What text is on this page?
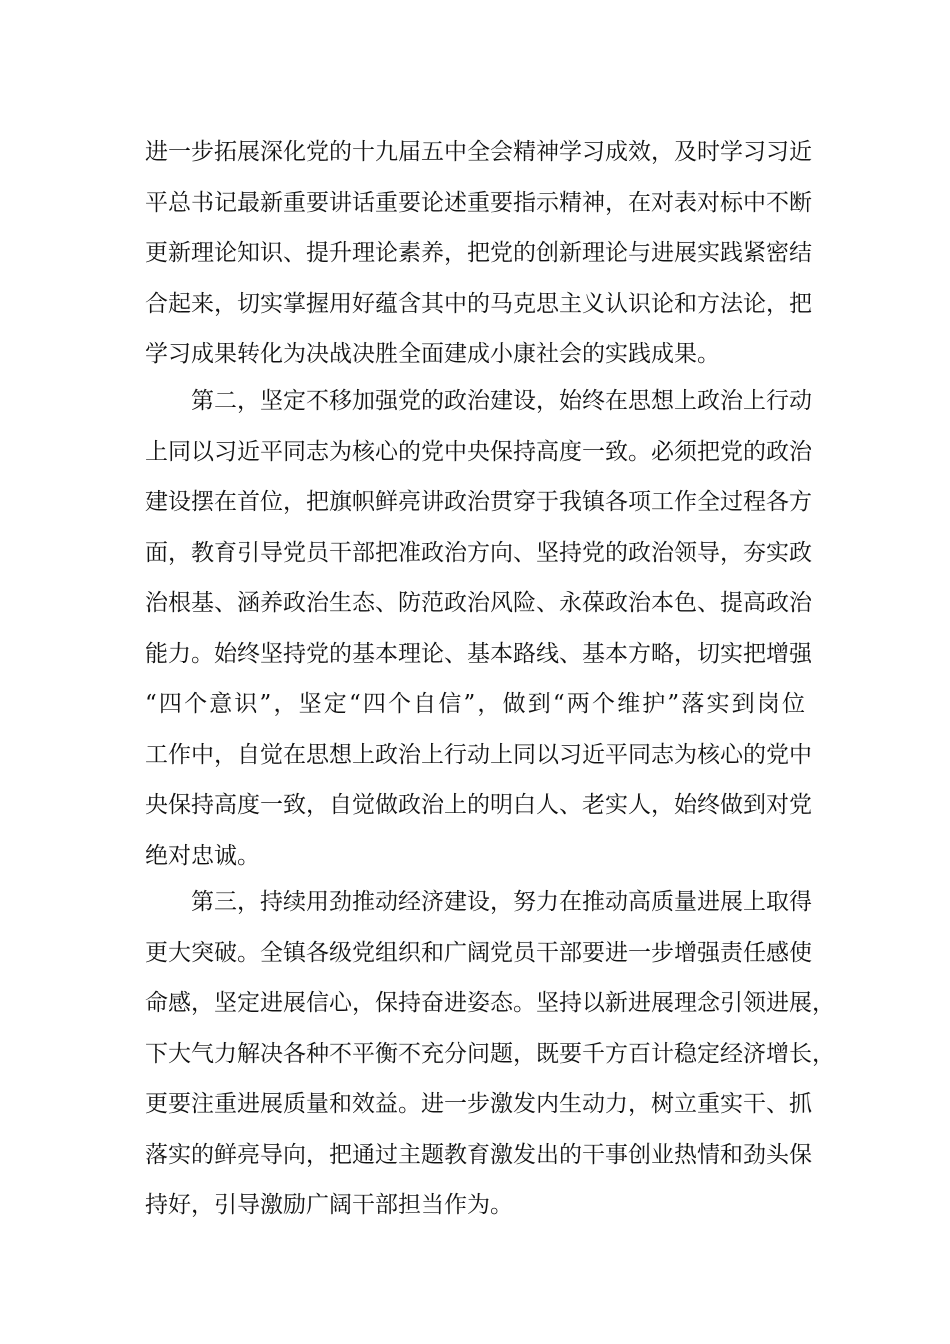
进一步拓展深化党的十九届五中全会精神学习成效，及时学习习近
平总书记最新重要讲话重要论述重要指示精神，在对表对标中不断
更新理论知识、提升理论素养，把党的创新理论与进展实践紧密结
合起来，切实掌握用好蕴含其中的马克思主义认识论和方法论，把
学习成果转化为决战决胜全面建成小康社会的实践成果。
第二，坚定不移加强党的政治建设，始终在思想上政治上行动
上同以习近平同志为核心的党中央保持高度一致。必须把党的政治
建设摆在首位，把旗帜鲜亮讲政治贯穿于我镇各项工作全过程各方
面，教育引导党员干部把准政治方向、坚持党的政治领导，夯实政
治根基、涵养政治生态、防范政治风险、永葆政治本色、提高政治
能力。始终坚持党的基本理论、基本路线、基本方略，切实把增强
“四个意识”，坚定“四个自信”，做到“两个维护”落实到岗位
工作中，自觉在思想上政治上行动上同以习近平同志为核心的党中
央保持高度一致，自觉做政治上的明白人、老实人，始终做到对党
绝对忠诚。
第三，持续用劲推动经济建设，努力在推动高质量进展上取得
更大突破。全镇各级党组织和广阔党员干部要进一步增强责任感使
命感，坚定进展信心，保持奋进姿态。坚持以新进展理念引领进展，
下大气力解决各种不平衡不充分问题，既要千方百计稳定经济增长，
更要注重进展质量和效益。进一步激发内生动力，树立重实干、抓
落实的鲜亮导向，把通过主题教育激发出的干事创业热情和劲头保
持好，引导激励广阔干部担当作为。
